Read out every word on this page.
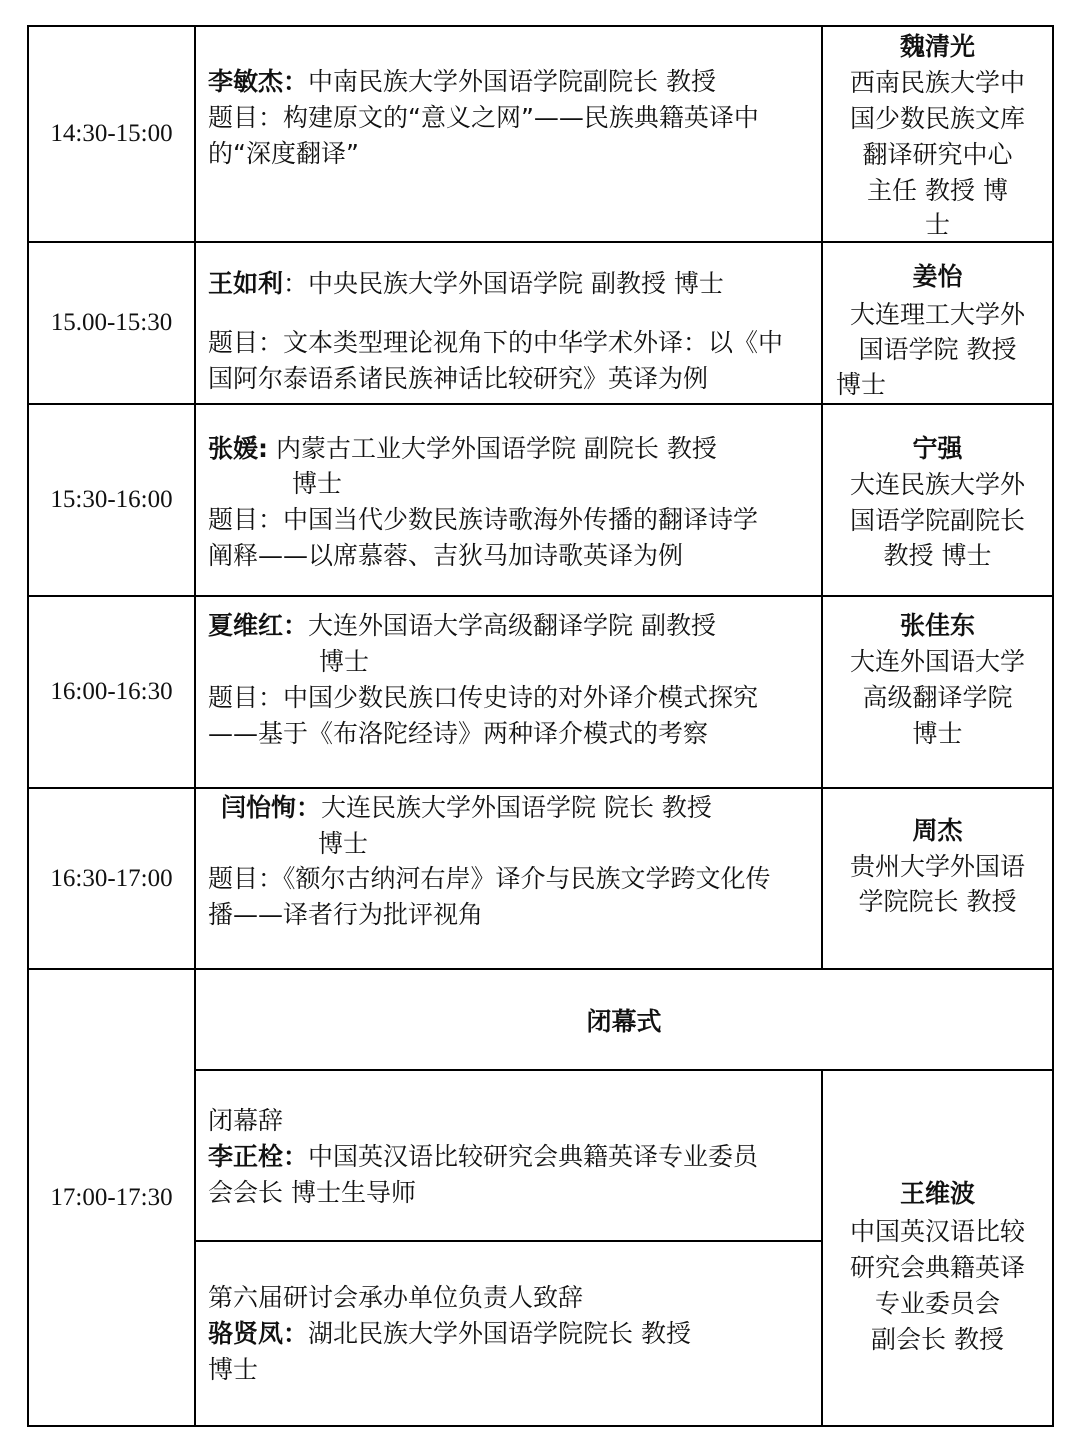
14:30-15:00
李敏杰：中南民族大学外国语学院副院长 教授
题目：构建原文的“意义之网”——民族典籍英译中
的“深度翻译”
魏清光
西南民族大学中
国少数民族文库
翻译研究中心
主任 教授 博
士
15.00-15:30
王如利：中央民族大学外国语学院 副教授 博士
题目：文本类型理论视角下的中华学术外译：以《中
国阿尔泰语系诸民族神话比较研究》英译为例
姜怡
大连理工大学外
国语学院 教授
博士
15:30-16:00
张媛: 内蒙古工业大学外国语学院 副院长 教授
博士
题目：中国当代少数民族诗歌海外传播的翻译诗学
阐释——以席慕蓉、吉狄马加诗歌英译为例
宁强
大连民族大学外
国语学院副院长
教授 博士
16:00-16:30
夏维红：大连外国语大学高级翻译学院 副教授
博士
题目：中国少数民族口传史诗的对外译介模式探究
——基于《布洛陀经诗》两种译介模式的考察
张佳东
大连外国语大学
高级翻译学院
博士
16:30-17:00
闫怡恂：大连民族大学外国语学院 院长 教授
博士
题目：《额尔古纳河右岸》译介与民族文学跨文化传
播——译者行为批评视角
周杰
贵州大学外国语
学院院长 教授
17:00-17:30
闭幕式
闭幕辞
李正栓：中国英汉语比较研究会典籍英译专业委员
会会长 博士生导师
第六届研讨会承办单位负责人致辞
骆贤凤：湖北民族大学外国语学院院长 教授
博士
王维波
中国英汉语比较
研究会典籍英译
专业委员会
副会长 教授
